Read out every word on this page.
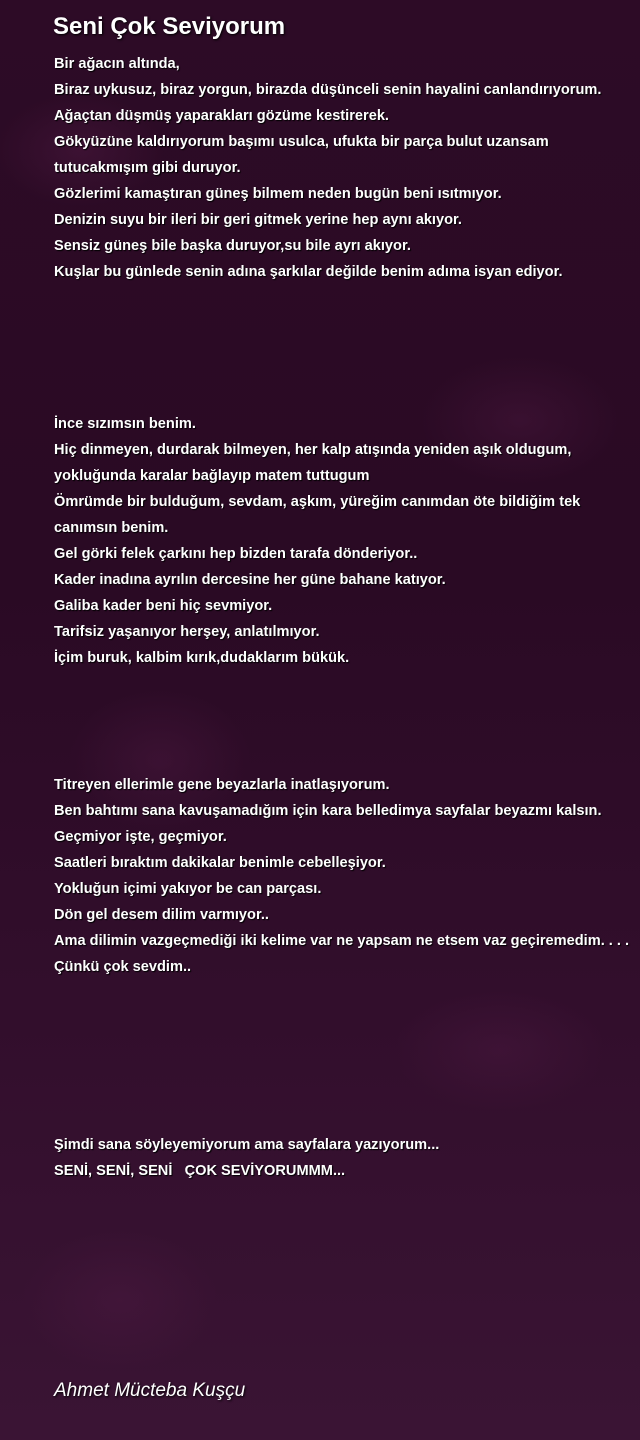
Seni Çok Seviyorum
Bir ağacın altında,
Biraz uykusuz, biraz yorgun, birazda düşünceli senin hayalini canlandırıyorum.
Ağaçtan düşmüş yaparakları gözüme kestirerek.
Gökyüzüne kaldırıyorum başımı usulca, ufukta bir parça bulut uzansam tutucakmışım gibi duruyor.
Gözlerimi kamaştıran güneş bilmem neden bugün beni ısıtmıyor.
Denizin suyu bir ileri bir geri gitmek yerine hep aynı akıyor.
Sensiz güneş bile başka duruyor,su bile ayrı akıyor.
Kuşlar bu günlede senin adına şarkılar değilde benim adıma isyan ediyor.
İnce sızımsın benim.
Hiç dinmeyen, durdarak bilmeyen, her kalp atışında yeniden aşık oldugum, yokluğunda karalar bağlayıp matem tuttugum
Ömrümde bir bulduğum, sevdam, aşkım, yüreğim canımdan öte bildiğim tek canımsın benim.
Gel görki felek çarkını hep bizden tarafa dönderiyor..
Kader inadına ayrılın dercesine her güne bahane katıyor.
Galiba kader beni hiç sevmiyor.
Tarifsiz yaşanıyor herşey, anlatılmıyor.
İçim buruk, kalbim kırık,dudaklarım bükük.
Titreyen ellerimle gene beyazlarla inatlaşıyorum.
Ben bahtımı sana kavuşamadığım için kara belledimya sayfalar beyazmı kalsın.
Geçmiyor işte, geçmiyor.
Saatleri bıraktım dakikalar benimle cebelleşiyor.
Yokluğun içimi yakıyor be can parçası.
Dön gel desem dilim varmıyor..
Ama dilimin vazgeçmediği iki kelime var ne yapsam ne etsem vaz geçiremedim. . . .
Çünkü çok sevdim..
Şimdi sana söyleyemiyorum ama sayfalara yazıyorum...
SENİ, SENİ, SENİ   ÇOK SEVİYORUMMM...
Ahmet Mücteba Kuşçu
